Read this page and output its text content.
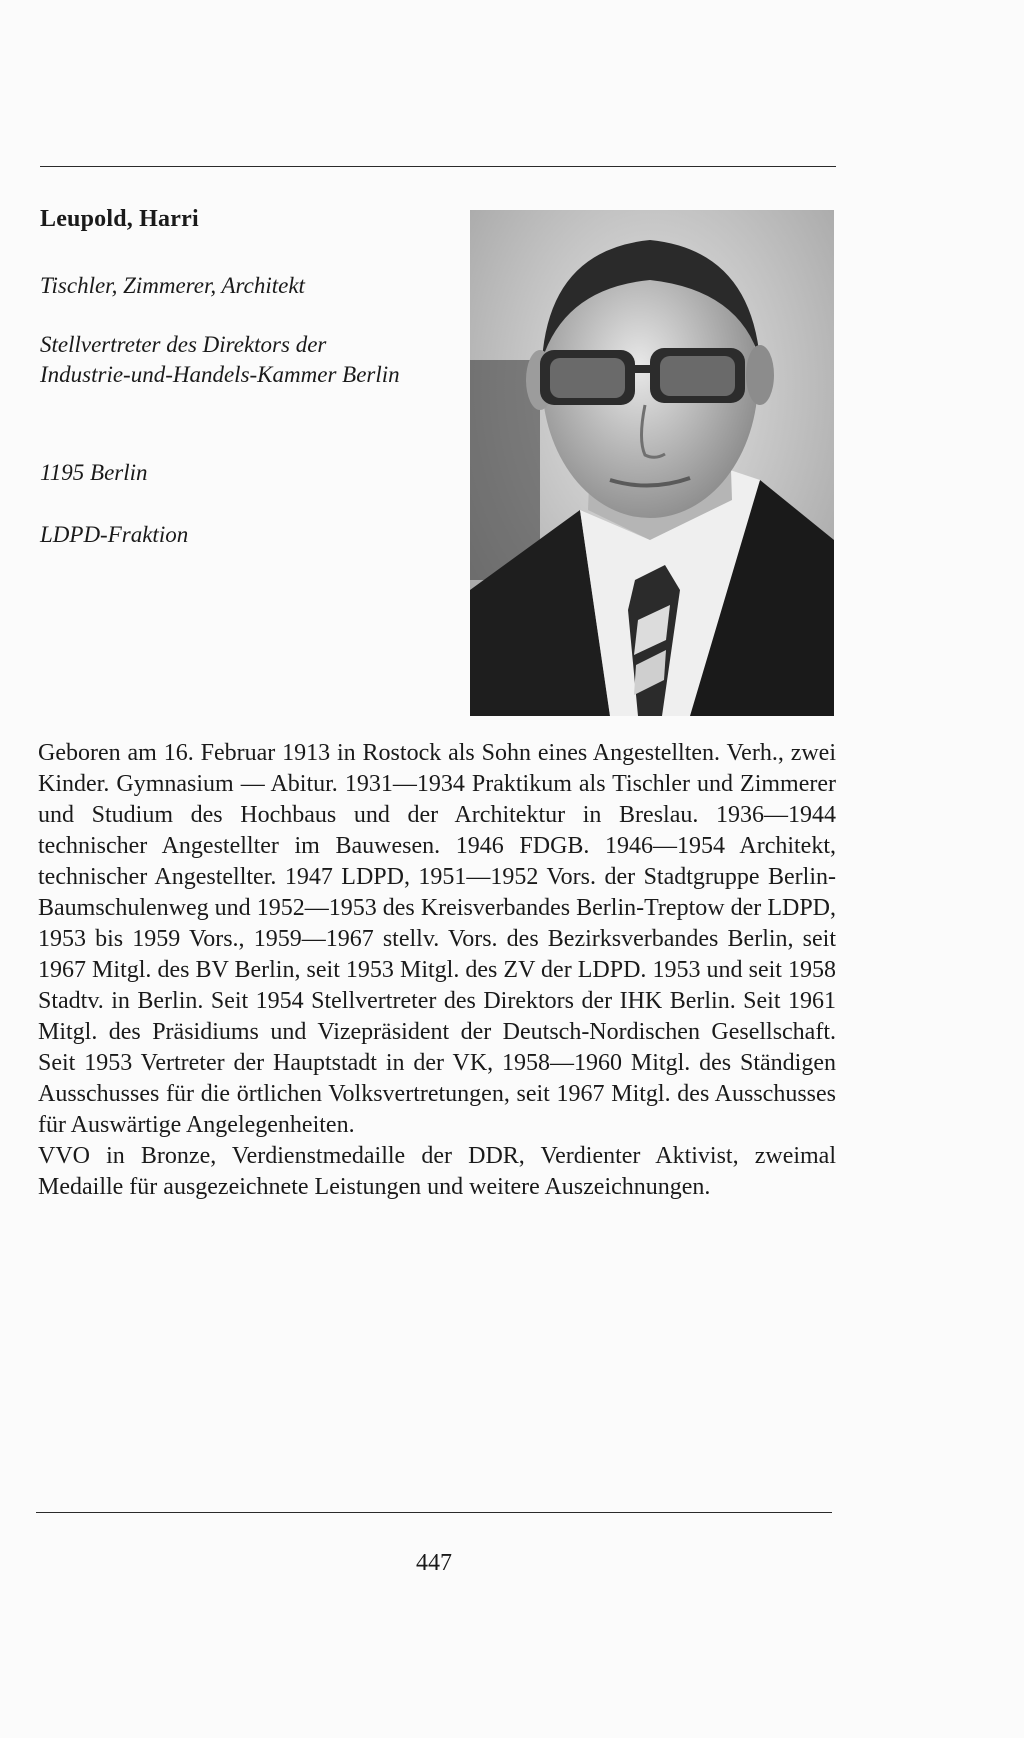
Leupold, Harri
Tischler, Zimmerer, Architekt
Stellvertreter des Direktors der Industrie-und-Handels-Kammer Berlin
1195 Berlin
LDPD-Fraktion

Geboren am 16. Februar 1913 in Rostock als Sohn eines Angestellten. Verh., zwei Kinder. Gymnasium — Abitur. 1931—1934 Praktikum als Tischler und Zimmerer und Studium des Hochbaus und der Architektur in Breslau. 1936—1944 technischer Angestellter im Bauwesen. 1946 FDGB. 1946—1954 Architekt, technischer Angestellter. 1947 LDPD, 1951—1952 Vors. der Stadtgruppe Berlin-Baumschulenweg und 1952—1953 des Kreisverbandes Berlin-Treptow der LDPD, 1953 bis 1959 Vors., 1959—1967 stellv. Vors. des Bezirksverbandes Berlin, seit 1967 Mitgl. des BV Berlin, seit 1953 Mitgl. des ZV der LDPD. 1953 und seit 1958 Stadtv. in Berlin. Seit 1954 Stellvertreter des Direktors der IHK Berlin. Seit 1961 Mitgl. des Präsidiums und Vizepräsident der Deutsch-Nordischen Gesellschaft. Seit 1953 Vertreter der Hauptstadt in der VK, 1958—1960 Mitgl. des Ständigen Ausschusses für die örtlichen Volksvertretungen, seit 1967 Mitgl. des Ausschusses für Auswärtige Angelegenheiten.

VVO in Bronze, Verdienstmedaille der DDR, Verdienter Aktivist, zweimal Medaille für ausgezeichnete Leistungen und weitere Auszeichnungen.

447
